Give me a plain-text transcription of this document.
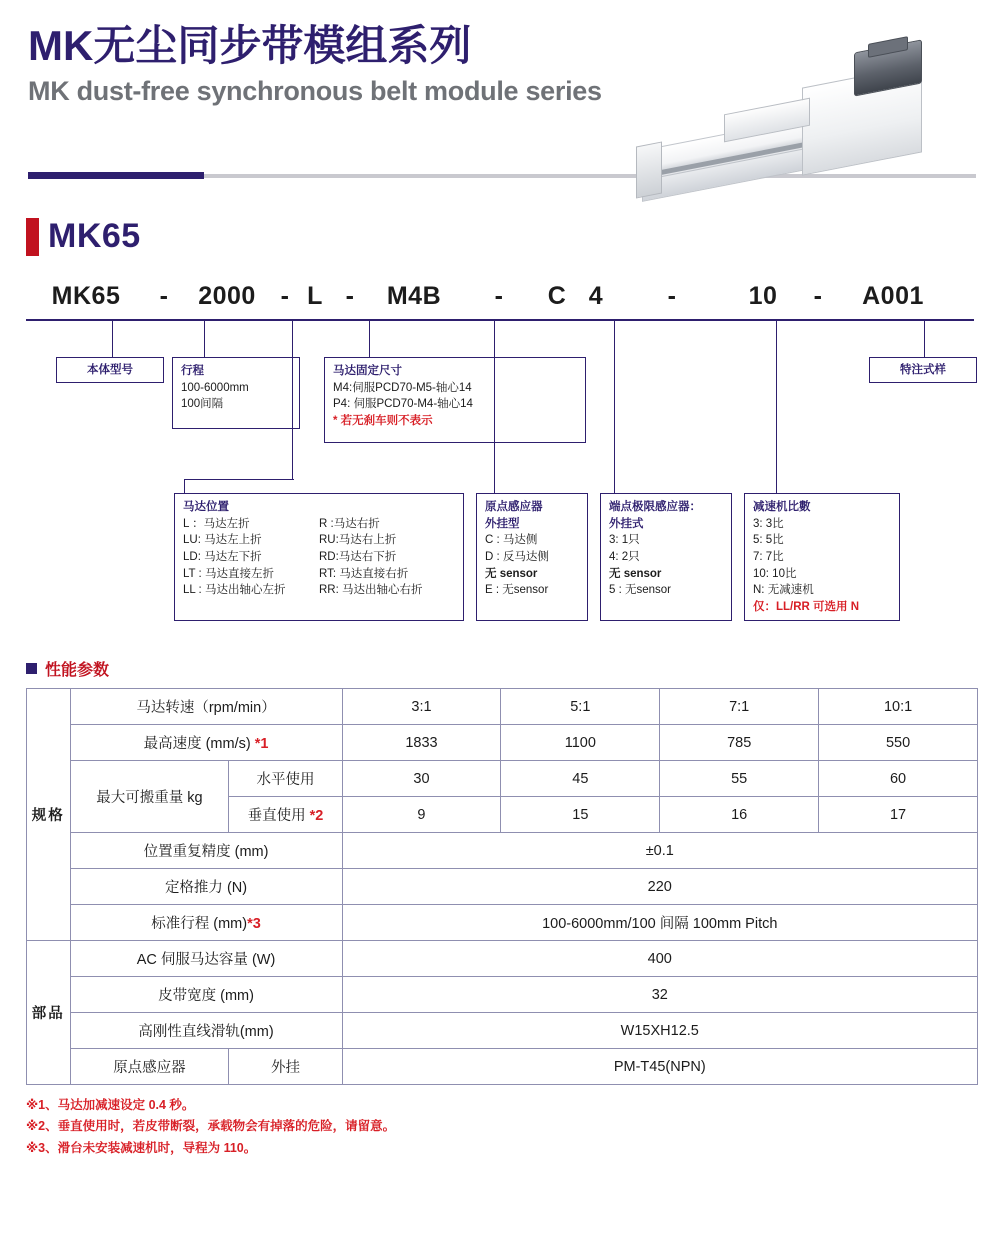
MK无尘同步带模组系列
MK dust-free synchronous belt module series
MK65
MK65	-	2000 - L -	M4B	-	C 4	-	10	-	A001
本体型号	行程
100-6000mm
100间隔
马达固定尺寸
M4:伺服PCD70-M5-轴心14
P4: 伺服PCD70-M4-轴心14
* 若无刹车则不表示
特注式样
马达位置
L ：马达左折
LU: 马达左上折
LD: 马达左下折
LT : 马达直接左折
LL : 马达出轴心左折
R :马达右折
RU:马达右上折
RD:马达右下折
RT: 马达直接右折
RR: 马达出轴心右折
原点感应器
外挂型
C : 马达侧
D : 反马达侧
无 sensor
E : 无sensor
端点极限感应器：
外挂式
3: 1只
4: 2只
无 sensor
5 : 无sensor
减速机比數
3: 3比
5: 5比
7: 7比
10: 10比
N: 无减速机
仅：LL/RR 可选用 N
性能参数
规格	马达转速（rpm/min）		3:1	5:1	7:1	10:1
	最高速度 (mm/s) *1		1833	1100	785	550
	最大可搬重量 kg	水平使用	30	45	55	60
		垂直使用 *2	9	15	16	17
	位置重复精度 (mm)		±0.1			
	定格推力 (N)		220			
	标准行程 (mm)*3		100-6000mm/100 间隔 100mm Pitch			
部品	AC 伺服马达容量 (W)		400			
	皮带宽度 (mm)		32			
	高刚性直线滑轨(mm)		W15XH12.5			
	原点感应器	外挂	PM-T45(NPN)			
※1、马达加减速设定 0.4 秒。
※2、垂直使用时，若皮带断裂，承载物会有掉落的危险，请留意。
※3、滑台未安装减速机时，导程为 110。
